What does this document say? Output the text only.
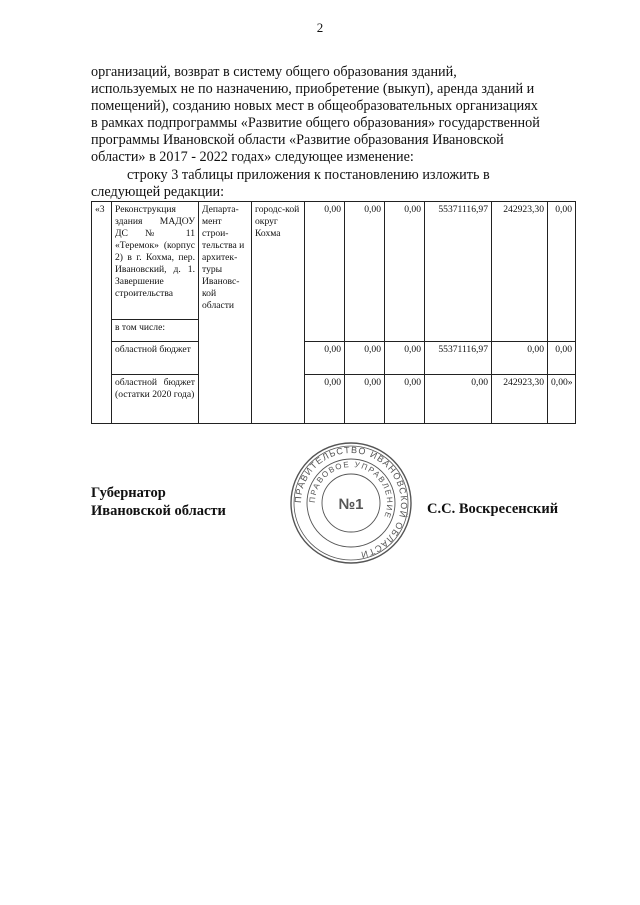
2

организаций, возврат в систему общего образования зданий,

используемых не по назначению, приобретение (выкуп), аренда зданий и

помещений), созданию новых мест в общеобразовательных организациях

в рамках подпрограммы «Развитие общего образования» государственной

программы Ивановской области «Развитие образования Ивановской

области» в 2017 - 2022 годах» следующее изменение:

строку 3 таблицы приложения к постановлению изложить в

следующей редакции:

«3	Реконструкция здания МАДОУ ДС № 11 «Теремок» (корпус 2) в г. Кохма, пер. Ивановский, д. 1. Завершение строительства	Департа-мент строи-тельства и архитек-туры Ивановс-кой области	городс-кой округ Кохма	0,00	0,00	0,00	55371116,97	242923,30	0,00
	в том числе:								
	областной бюджет			0,00	0,00	0,00	55371116,97	0,00	0,00
	областной бюджет (остатки 2020 года)			0,00	0,00	0,00	0,00	242923,30	0,00»
Губернатор
Ивановской области
ПРАВИТЕЛЬСТВО ИВАНОВСКОЙ ОБЛАСТИ
ПРАВОВОЕ УПРАВЛЕНИЕ
№1	С.С. Воскресенский
